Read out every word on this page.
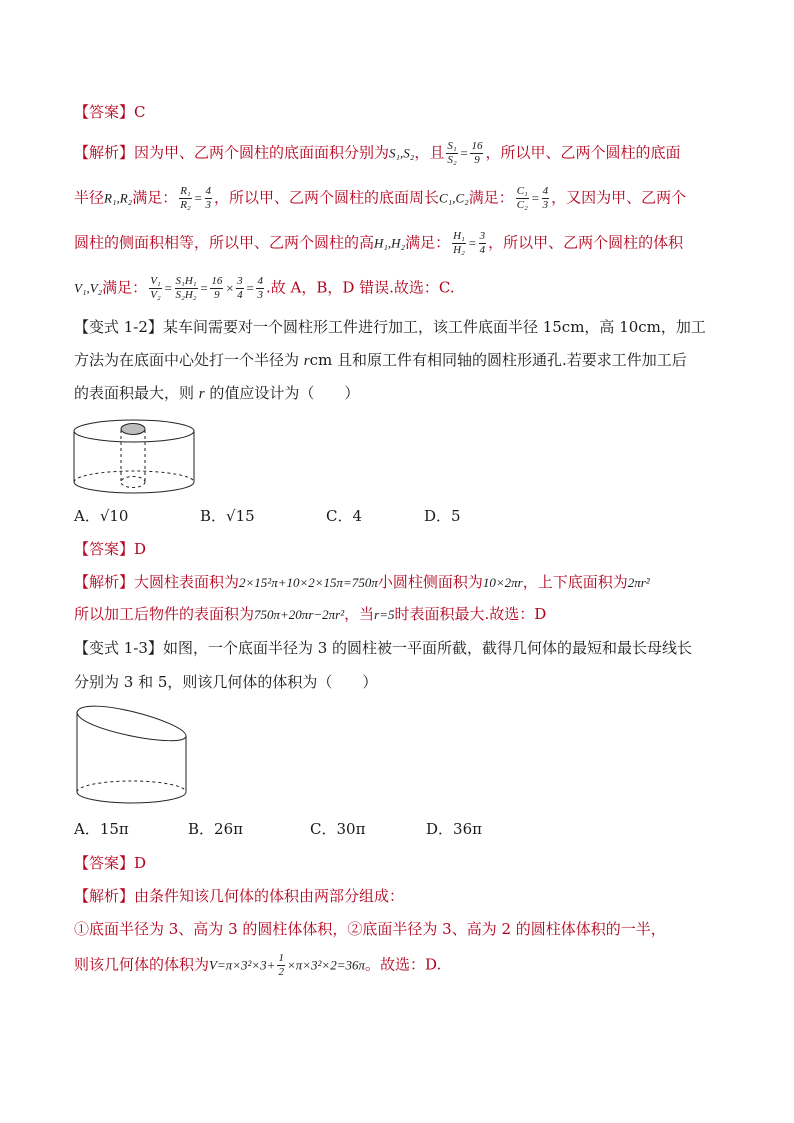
【答案】C
【解析】因为甲、乙两个圆柱的底面面积分别为S₁,S₂，且 $\frac{\text{S₁}}{\text{S₂}} = \frac{16}{9}$ ，所以甲、乙两个圆柱的底面
半径R₁,R₂满足： $\frac{\text{R₁}}{\text{R₂}} = \frac{4}{3}$ ，所以甲、乙两个圆柱的底面周长C₁,C₂满足： $\frac{\text{C₁}}{\text{C₂}} = \frac{4}{3}$ ，又因为甲、乙两个
圆柱的侧面积相等，所以甲、乙两个圆柱的高H₁,H₂满足： $\frac{\text{H₁}}{\text{H₂}} = \frac{3}{4}$ ，所以甲、乙两个圆柱的体积
V₁,V₂满足： $\frac{\text{V₁}}{\text{V₂}} = \frac{\text{S₁H₁}}{\text{S₂H₂}} = \frac{16}{9} \times \frac{3}{4} = \frac{4}{3}$ .故 A，B，D 错误.故选：C.
【变式 1-2】某车间需要对一个圆柱形工件进行加工，该工件底面半径 15cm，高 10cm，加工
方法为在底面中心处打一个半径为 rcm 且和原工件有相同轴的圆柱形通孔.若要求工件加工后
的表面积最大，则 r 的值应设计为（　　）
A．√10	B．√15	C．4	D．5
【答案】D
【解析】大圆柱表面积为2×15²π+10×2×15π=750π小圆柱侧面积为10×2πr，上下底面积为2πr²
所以加工后物件的表面积为750π+20πr−2πr²，当r=5时表面积最大.故选：D
【变式 1-3】如图，一个底面半径为 3 的圆柱被一平面所截，截得几何体的最短和最长母线长
分别为 3 和 5，则该几何体的体积为（　　）
A．15π	B．26π	C．30π	D．36π
【答案】D
【解析】由条件知该几何体的体积由两部分组成：
①底面半径为 3、高为 3 的圆柱体体积，②底面半径为 3、高为 2 的圆柱体体积的一半，
则该几何体的体积为$V=\pi\times 3^2\times 3+ \frac{1}{2} \times\pi\times 3^2\times 2=36\pi$。故选：D.
